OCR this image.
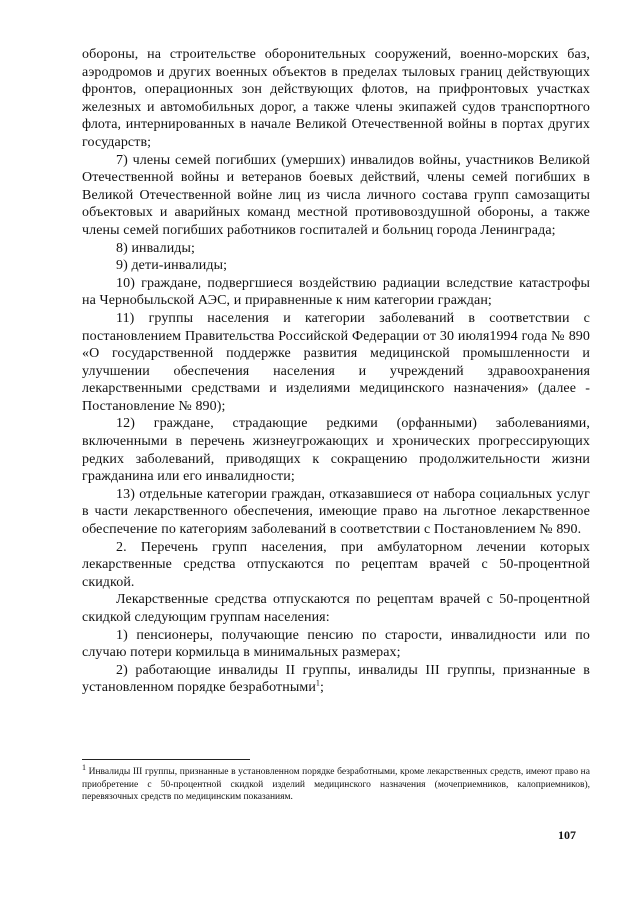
обороны, на строительстве оборонительных сооружений, военно-морских баз, аэродромов и других военных объектов в пределах тыловых границ действующих фронтов, операционных зон действующих флотов, на прифронтовых участках железных и автомобильных дорог, а также члены экипажей судов транспортного флота, интернированных в начале Великой Отечественной войны в портах других государств;

7) члены семей погибших (умерших) инвалидов войны, участников Великой Отечественной войны и ветеранов боевых действий, члены семей погибших в Великой Отечественной войне лиц из числа личного состава групп самозащиты объектовых и аварийных команд местной противовоздушной обороны, а также члены семей погибших работников госпиталей и больниц города Ленинграда;

8) инвалиды;

9) дети-инвалиды;

10) граждане, подвергшиеся воздействию радиации вследствие катастрофы на Чернобыльской АЭС, и приравненные к ним категории граждан;

11) группы населения и категории заболеваний в соответствии с постановлением Правительства Российской Федерации от 30 июля1994 года № 890 «О государственной поддержке развития медицинской промышленности и улучшении обеспечения населения и учреждений здравоохранения лекарственными средствами и изделиями медицинского назначения» (далее - Постановление № 890);

12) граждане, страдающие редкими (орфанными) заболеваниями, включенными в перечень жизнеугрожающих и хронических прогрессирующих редких заболеваний, приводящих к сокращению продолжительности жизни гражданина или его инвалидности;

13) отдельные категории граждан, отказавшиеся от набора социальных услуг в части лекарственного обеспечения, имеющие право на льготное лекарственное обеспечение по категориям заболеваний в соответствии с Постановлением № 890.

2. Перечень групп населения, при амбулаторном лечении которых лекарственные средства отпускаются по рецептам врачей с 50-процентной скидкой.

Лекарственные средства отпускаются по рецептам врачей с 50-процентной скидкой следующим группам населения:

1) пенсионеры, получающие пенсию по старости, инвалидности или по случаю потери кормильца в минимальных размерах;

2) работающие инвалиды II группы, инвалиды III группы, признанные в установленном порядке безработными$^1$;

$^1$ Инвалиды III группы, признанные в установленном порядке безработными, кроме лекарственных средств, имеют право на приобретение с 50-процентной скидкой изделий медицинского назначения (мочеприемников, калоприемников), перевязочных средств по медицинским показаниям.

107
